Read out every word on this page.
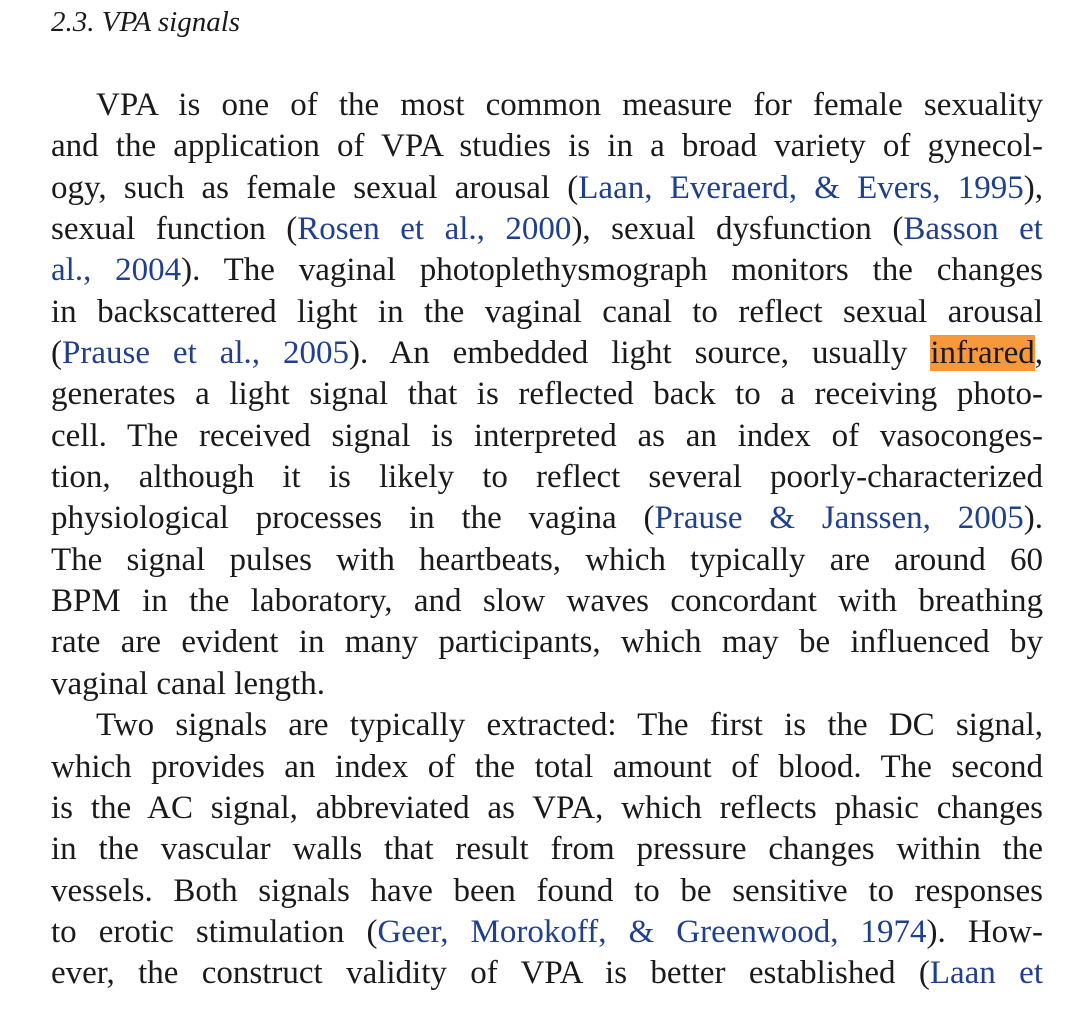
2.3. VPA signals
VPA is one of the most common measure for female sexuality
and the application of VPA studies is in a broad variety of gynecol-
ogy, such as female sexual arousal (Laan, Everaerd, & Evers, 1995),
sexual function (Rosen et al., 2000), sexual dysfunction (Basson et
al., 2004). The vaginal photoplethysmograph monitors the changes
in backscattered light in the vaginal canal to reflect sexual arousal
(Prause et al., 2005). An embedded light source, usually infrared,
generates a light signal that is reflected back to a receiving photo-
cell. The received signal is interpreted as an index of vasoconges-
tion, although it is likely to reflect several poorly-characterized
physiological processes in the vagina (Prause & Janssen, 2005).
The signal pulses with heartbeats, which typically are around 60
BPM in the laboratory, and slow waves concordant with breathing
rate are evident in many participants, which may be influenced by
vaginal canal length.
Two signals are typically extracted: The first is the DC signal,
which provides an index of the total amount of blood. The second
is the AC signal, abbreviated as VPA, which reflects phasic changes
in the vascular walls that result from pressure changes within the
vessels. Both signals have been found to be sensitive to responses
to erotic stimulation (Geer, Morokoff, & Greenwood, 1974). How-
ever, the construct validity of VPA is better established (Laan et
